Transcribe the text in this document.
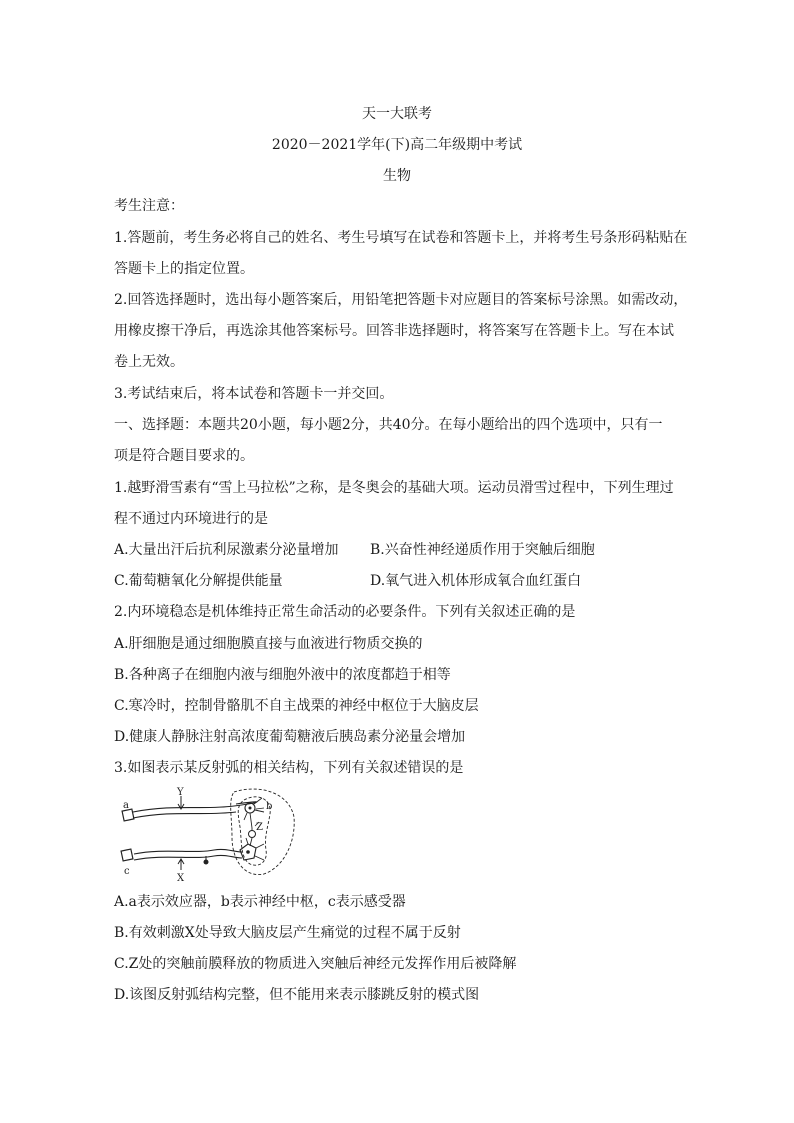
天一大联考
2020－2021学年(下)高二年级期中考试
生物
考生注意：
1.答题前，考生务必将自己的姓名、考生号填写在试卷和答题卡上，并将考生号条形码粘贴在
答题卡上的指定位置。
2.回答选择题时，选出每小题答案后，用铅笔把答题卡对应题目的答案标号涂黑。如需改动，
用橡皮擦干净后，再选涂其他答案标号。回答非选择题时，将答案写在答题卡上。写在本试
卷上无效。
3.考试结束后，将本试卷和答题卡一并交回。
一、选择题：本题共20小题，每小题2分，共40分。在每小题给出的四个选项中，只有一
项是符合题目要求的。
1.越野滑雪素有“雪上马拉松”之称，是冬奥会的基础大项。运动员滑雪过程中，下列生理过
程不通过内环境进行的是
A.大量出汗后抗利尿激素分泌量增加 B.兴奋性神经递质作用于突触后细胞
C.葡萄糖氧化分解提供能量	D.氧气进入机体形成氧合血红蛋白
2.内环境稳态是机体维持正常生命活动的必要条件。下列有关叙述正确的是
A.肝细胞是通过细胞膜直接与血液进行物质交换的
B.各种离子在细胞内液与细胞外液中的浓度都趋于相等
C.寒冷时，控制骨骼肌不自主战栗的神经中枢位于大脑皮层
D.健康人静脉注射高浓度葡萄糖液后胰岛素分泌量会增加
3.如图表示某反射弧的相关结构，下列有关叙述错误的是
a
Y
b
Z
c
X
A.a表示效应器，b表示神经中枢，c表示感受器
B.有效刺激X处导致大脑皮层产生痛觉的过程不属于反射
C.Z处的突触前膜释放的物质进入突触后神经元发挥作用后被降解
D.该图反射弧结构完整，但不能用来表示膝跳反射的模式图
